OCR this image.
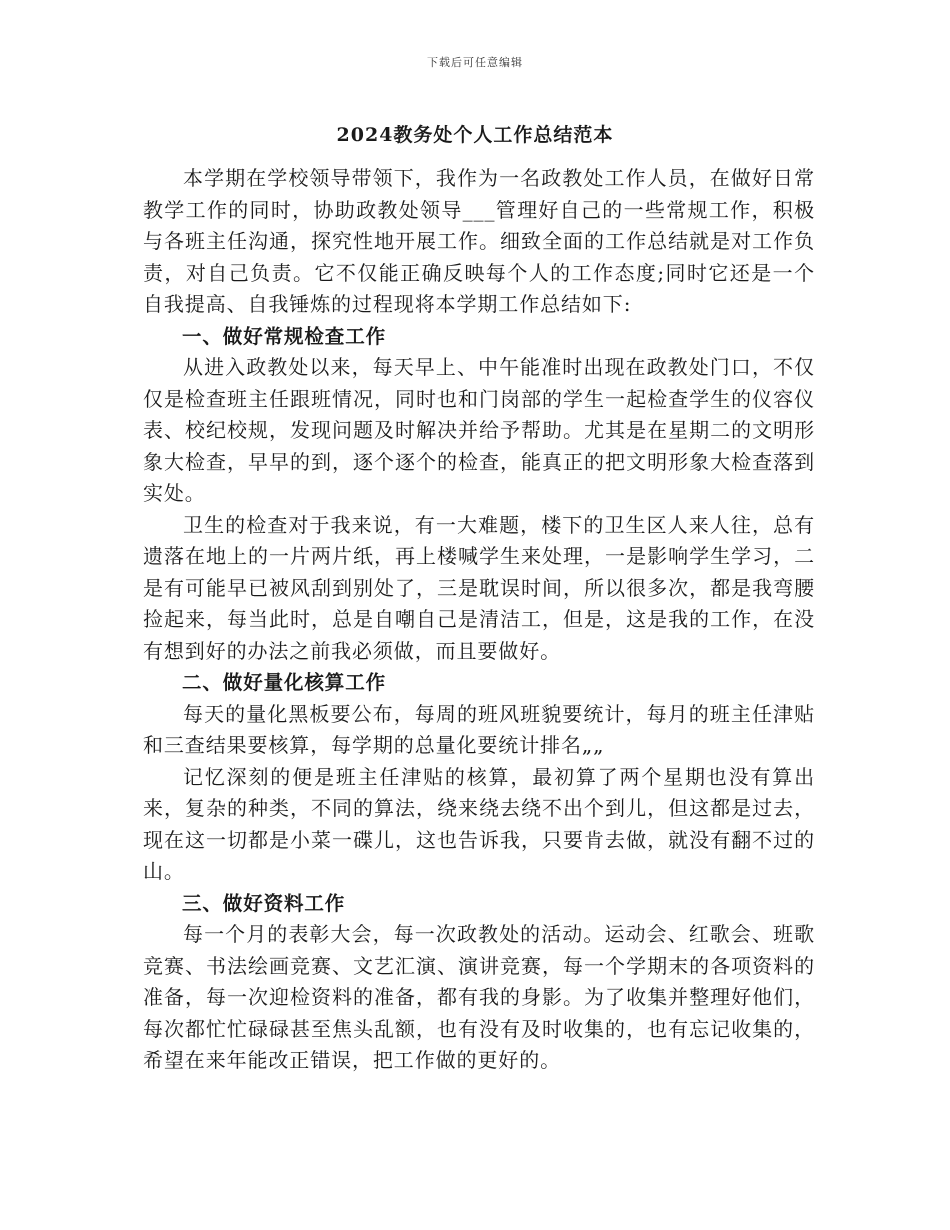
下载后可任意编辑
2024教务处个人工作总结范本

本学期在学校领导带领下，我作为一名政教处工作人员，在做好日常教学工作的同时，协助政教处领导___管理好自己的一些常规工作，积极与各班主任沟通，探究性地开展工作。细致全面的工作总结就是对工作负责，对自己负责。它不仅能正确反映每个人的工作态度;同时它还是一个自我提高、自我锤炼的过程现将本学期工作总结如下:

一、做好常规检查工作

从进入政教处以来，每天早上、中午能准时出现在政教处门口，不仅仅是检查班主任跟班情况，同时也和门岗部的学生一起检查学生的仪容仪表、校纪校规，发现问题及时解决并给予帮助。尤其是在星期二的文明形象大检查，早早的到，逐个逐个的检查，能真正的把文明形象大检查落到实处。

卫生的检查对于我来说，有一大难题，楼下的卫生区人来人往，总有遗落在地上的一片两片纸，再上楼喊学生来处理，一是影响学生学习，二是有可能早已被风刮到别处了，三是耽误时间，所以很多次，都是我弯腰捡起来，每当此时，总是自嘲自己是清洁工，但是，这是我的工作，在没有想到好的办法之前我必须做，而且要做好。

二、做好量化核算工作

每天的量化黑板要公布，每周的班风班貌要统计，每月的班主任津贴和三查结果要核算，每学期的总量化要统计排名„„

记忆深刻的便是班主任津贴的核算，最初算了两个星期也没有算出来，复杂的种类，不同的算法，绕来绕去绕不出个到儿，但这都是过去，现在这一切都是小菜一碟儿，这也告诉我，只要肯去做，就没有翻不过的山。

三、做好资料工作

每一个月的表彰大会，每一次政教处的活动。运动会、红歌会、班歌竞赛、书法绘画竞赛、文艺汇演、演讲竞赛，每一个学期末的各项资料的准备，每一次迎检资料的准备，都有我的身影。为了收集并整理好他们，每次都忙忙碌碌甚至焦头乱额，也有没有及时收集的，也有忘记收集的，希望在来年能改正错误，把工作做的更好的。
